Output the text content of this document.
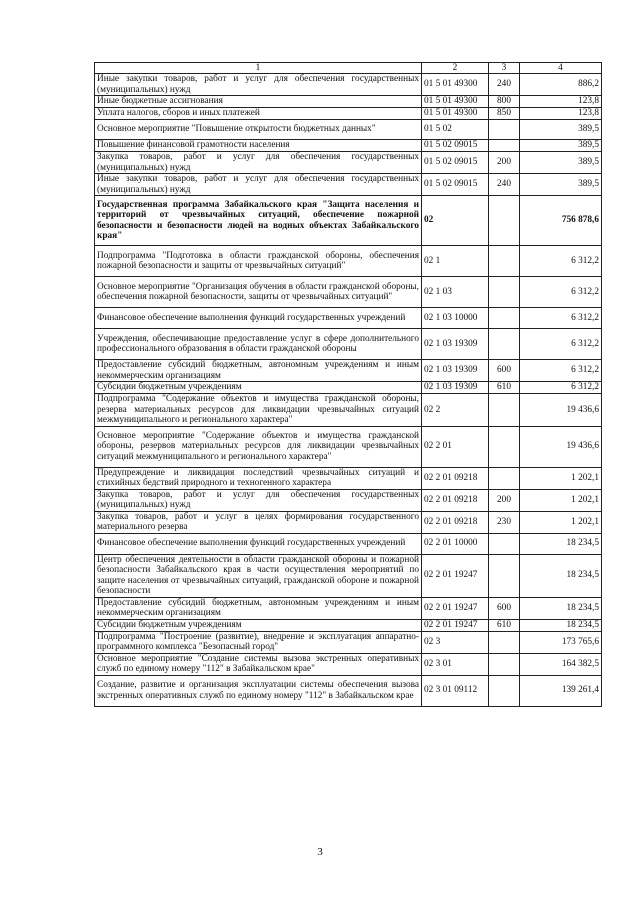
1	2	3	4
Иные закупки товаров, работ и услуг для обеспечения государственных (муниципальных) нужд	01 5 01 49300	240	886,2
Иные бюджетные ассигнования	01 5 01 49300	800	123,8
Уплата налогов, сборов и иных платежей	01 5 01 49300	850	123,8
Основное мероприятие "Повышение открытости бюджетных данных"	01 5 02		389,5
Повышение финансовой грамотности населения	01 5 02 09015		389,5
Закупка товаров, работ и услуг для обеспечения государственных (муниципальных) нужд	01 5 02 09015	200	389,5
Иные закупки товаров, работ и услуг для обеспечения государственных (муниципальных) нужд	01 5 02 09015	240	389,5
Государственная программа Забайкальского края "Защита населения и территорий от чрезвычайных ситуаций, обеспечение пожарной безопасности и безопасности людей на водных объектах Забайкальского края"	02		756 878,6
Подпрограмма "Подготовка в области гражданской обороны, обеспечения пожарной безопасности и защиты от чрезвычайных ситуаций"	02 1		6 312,2
Основное мероприятие "Организация обучения в области гражданской обороны, обеспечения пожарной безопасности, защиты от чрезвычайных ситуаций"	02 1 03		6 312,2
Финансовое обеспечение выполнения функций государственных учреждений	02 1 03 10000		6 312,2
Учреждения, обеспечивающие предоставление услуг в сфере дополнительного профессионального образования в области гражданской обороны	02 1 03 19309		6 312,2
Предоставление субсидий бюджетным, автономным учреждениям и иным некоммерческим организациям	02 1 03 19309	600	6 312,2
Субсидии бюджетным учреждениям	02 1 03 19309	610	6 312,2
Подпрограмма "Содержание объектов и имущества гражданской обороны, резерва материальных ресурсов для ликвидации чрезвычайных ситуаций межмуниципального и регионального характера"	02 2		19 436,6
Основное мероприятие "Содержание объектов и имущества гражданской обороны, резервов материальных ресурсов для ликвидации чрезвычайных ситуаций межмуниципального и регионального характера"	02 2 01		19 436,6
Предупреждение и ликвидация последствий чрезвычайных ситуаций и стихийных бедствий природного и техногенного характера	02 2 01 09218		1 202,1
Закупка товаров, работ и услуг для обеспечения государственных (муниципальных) нужд	02 2 01 09218	200	1 202,1
Закупка товаров, работ и услуг в целях формирования государственного материального резерва	02 2 01 09218	230	1 202,1
Финансовое обеспечение выполнения функций государственных учреждений	02 2 01 10000		18 234,5
Центр обеспечения деятельности в области гражданской обороны и пожарной безопасности Забайкальского края в части осуществления мероприятий по защите населения от чрезвычайных ситуаций, гражданской обороне и пожарной безопасности	02 2 01 19247		18 234,5
Предоставление субсидий бюджетным, автономным учреждениям и иным некоммерческим организациям	02 2 01 19247	600	18 234,5
Субсидии бюджетным учреждениям	02 2 01 19247	610	18 234,5
Подпрограмма "Построение (развитие), внедрение и эксплуатация аппаратно-программного комплекса "Безопасный город"	02 3		173 765,6
Основное мероприятие "Создание системы вызова экстренных оперативных служб по единому номеру "112" в Забайкальском крае"	02 3 01		164 382,5
Создание, развитие и организация эксплуатации системы обеспечения вызова экстренных оперативных служб по единому номеру "112" в Забайкальском крае	02 3 01 09112		139 261,4
3
